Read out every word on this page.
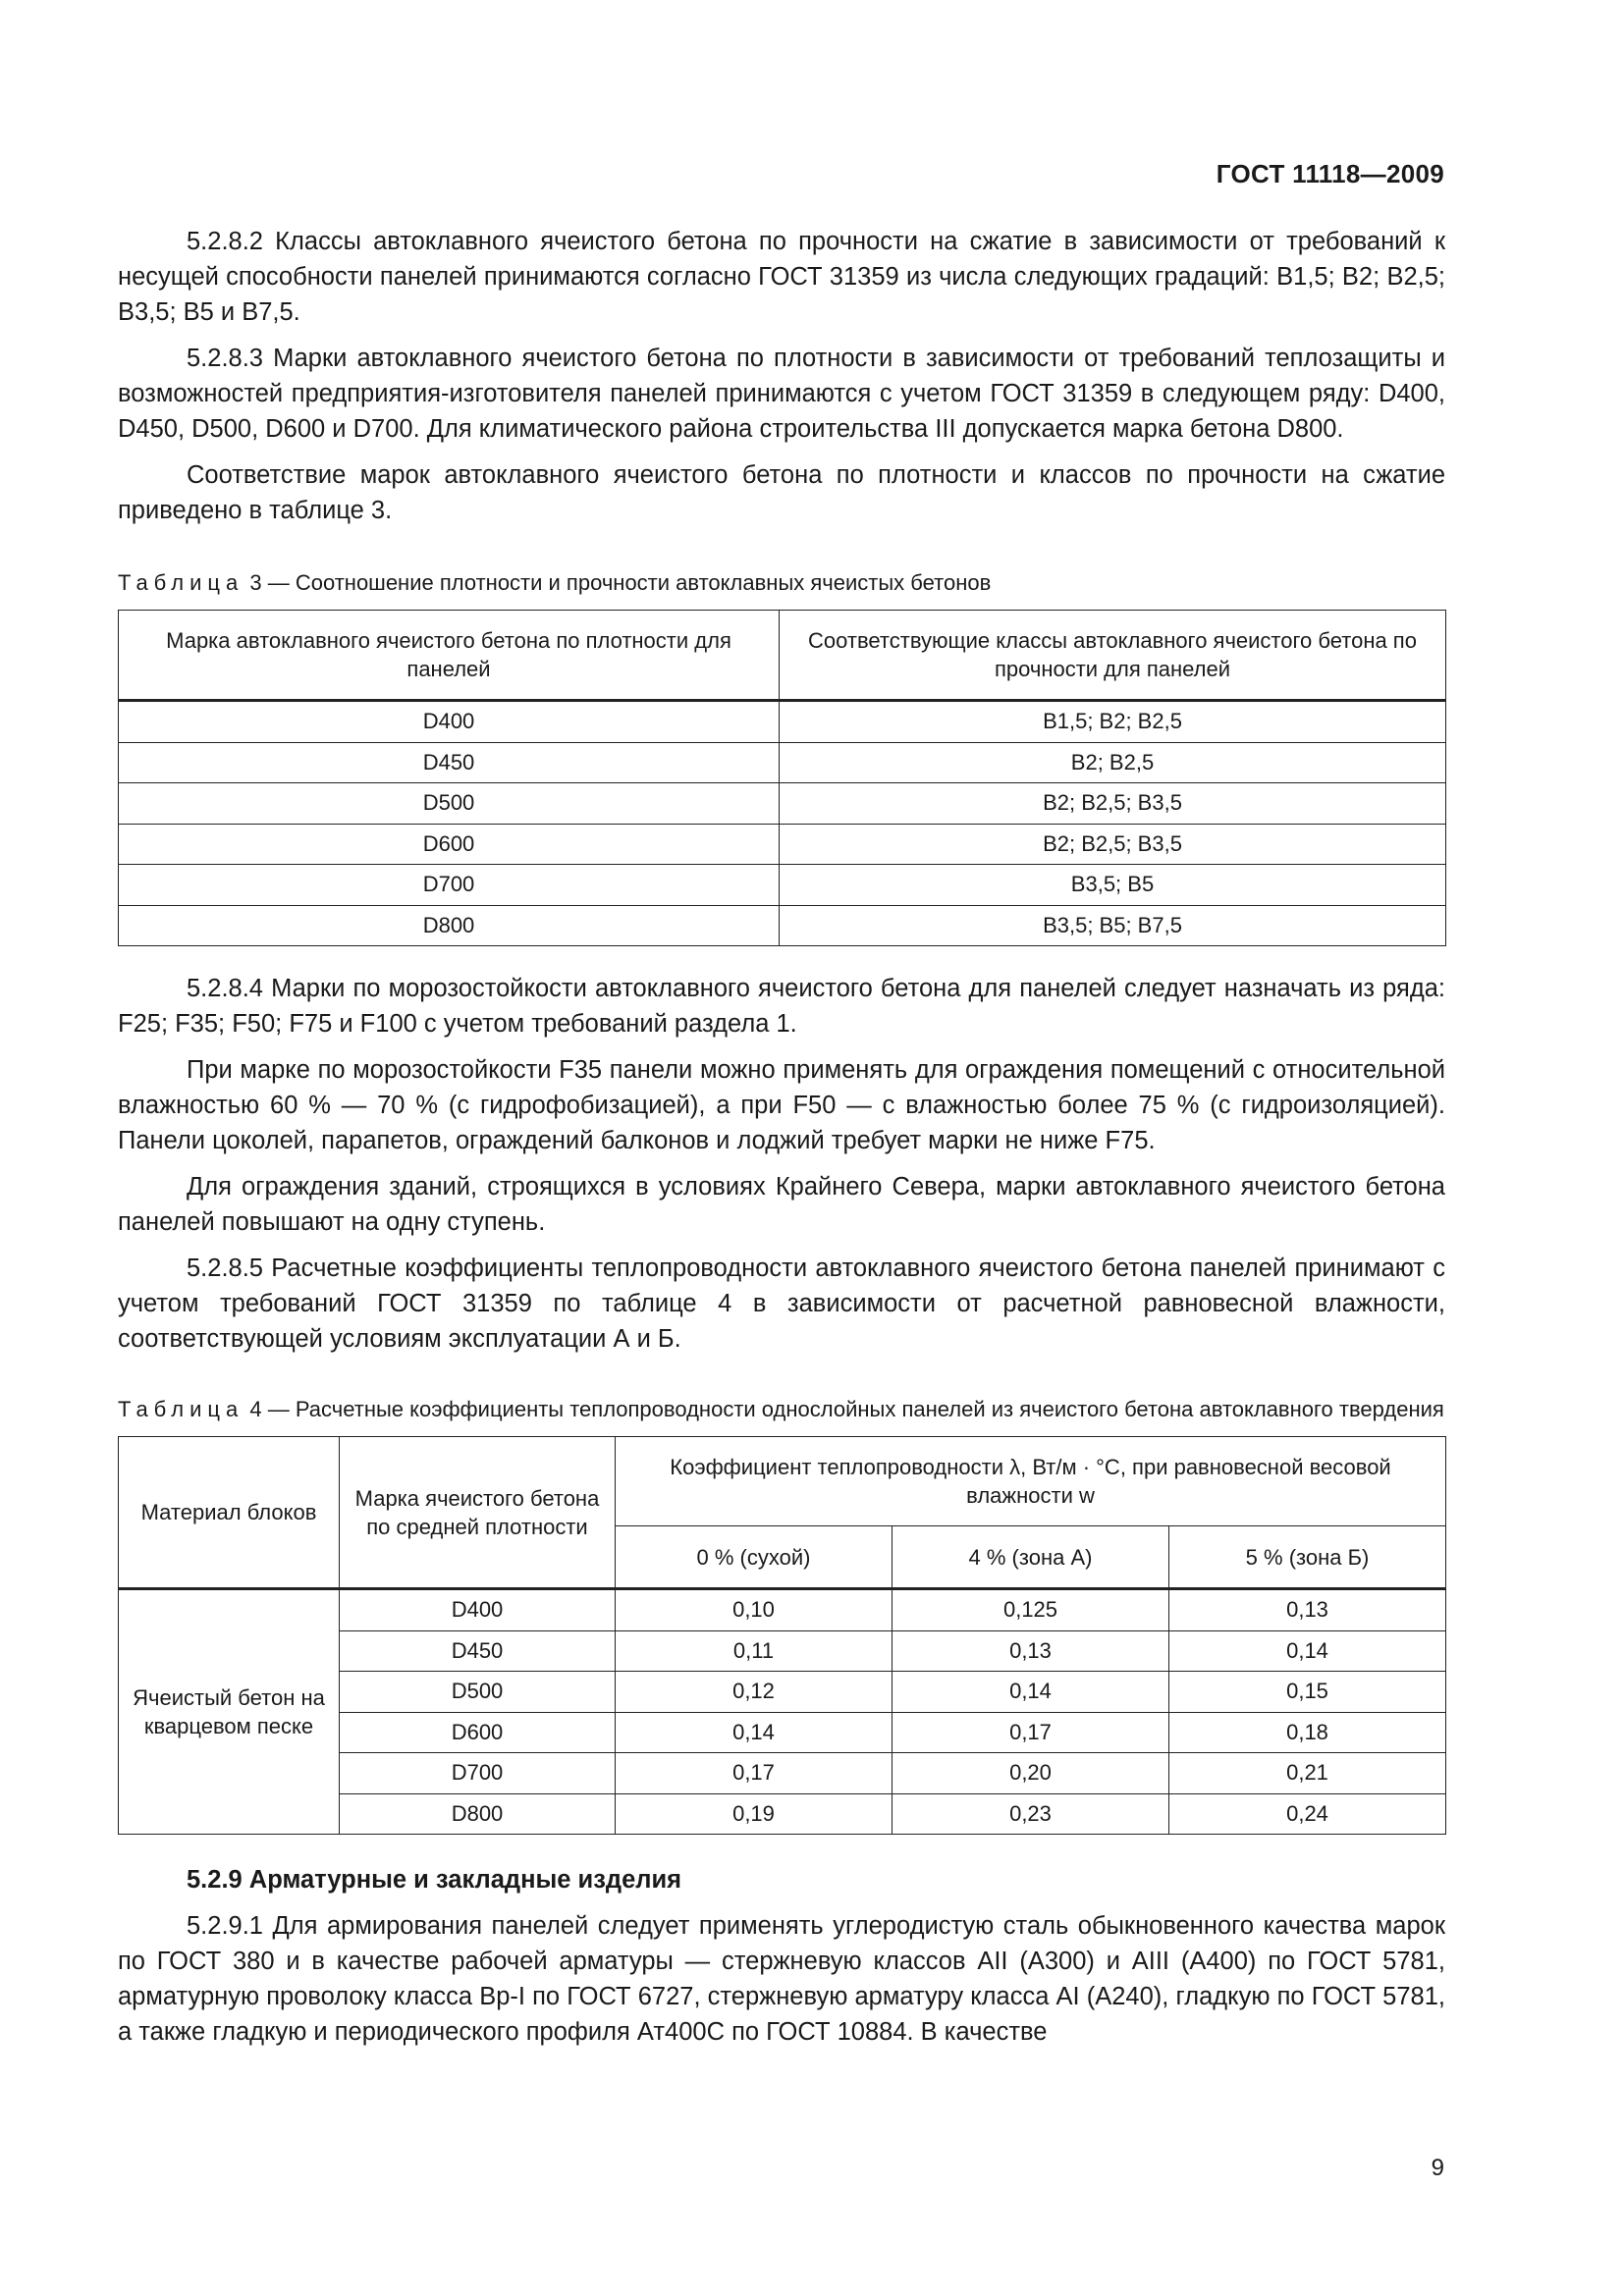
ГОСТ 11118—2009

5.2.8.2 Классы автоклавного ячеистого бетона по прочности на сжатие в зависимости от требований к несущей способности панелей принимаются согласно ГОСТ 31359 из числа следующих градаций: В1,5; В2; В2,5; В3,5; В5 и В7,5.

5.2.8.3 Марки автоклавного ячеистого бетона по плотности в зависимости от требований теплозащиты и возможностей предприятия-изготовителя панелей принимаются с учетом ГОСТ 31359 в следующем ряду: D400, D450, D500, D600 и D700. Для климатического района строительства III допускается марка бетона D800.

Соответствие марок автоклавного ячеистого бетона по плотности и классов по прочности на сжатие приведено в таблице 3.

Таблица 3 — Соотношение плотности и прочности автоклавных ячеистых бетонов
Марка автоклавного ячеистого бетона по плотности для панелей	Соответствующие классы автоклавного ячеистого бетона по прочности для панелей
D400	В1,5; В2; В2,5
D450	В2; В2,5
D500	В2; В2,5; В3,5
D600	В2; В2,5; В3,5
D700	В3,5; В5
D800	В3,5; В5; В7,5

5.2.8.4 Марки по морозостойкости автоклавного ячеистого бетона для панелей следует назначать из ряда: F25; F35; F50; F75 и F100 с учетом требований раздела 1.

При марке по морозостойкости F35 панели можно применять для ограждения помещений с относительной влажностью 60 % — 70 % (с гидрофобизацией), а при F50 — с влажностью более 75 % (с гидроизоляцией). Панели цоколей, парапетов, ограждений балконов и лоджий требует марки не ниже F75.

Для ограждения зданий, строящихся в условиях Крайнего Севера, марки автоклавного ячеистого бетона панелей повышают на одну ступень.

5.2.8.5 Расчетные коэффициенты теплопроводности автоклавного ячеистого бетона панелей принимают с учетом требований ГОСТ 31359 по таблице 4 в зависимости от расчетной равновесной влажности, соответствующей условиям эксплуатации А и Б.

Таблица 4 — Расчетные коэффициенты теплопроводности однослойных панелей из ячеистого бетона автоклавного твердения
Материал блоков	Марка ячеистого бетона по средней плотности	Коэффициент теплопроводности λ, Вт/м · °С, при равновесной весовой влажности w		
		0 % (сухой)	4 % (зона А)	5 % (зона Б)
Ячеистый бетон на кварцевом песке	D400	0,10	0,125	0,13
	D450	0,11	0,13	0,14
	D500	0,12	0,14	0,15
	D600	0,14	0,17	0,18
	D700	0,17	0,20	0,21
	D800	0,19	0,23	0,24

5.2.9 Арматурные и закладные изделия

5.2.9.1 Для армирования панелей следует применять углеродистую сталь обыкновенного качества марок по ГОСТ 380 и в качестве рабочей арматуры — стержневую классов АII (А300) и АIII (А400) по ГОСТ 5781, арматурную проволоку класса Вр-I по ГОСТ 6727, стержневую арматуру класса АI (А240), гладкую по ГОСТ 5781, а также гладкую и периодического профиля Ат400С по ГОСТ 10884. В качестве

9
